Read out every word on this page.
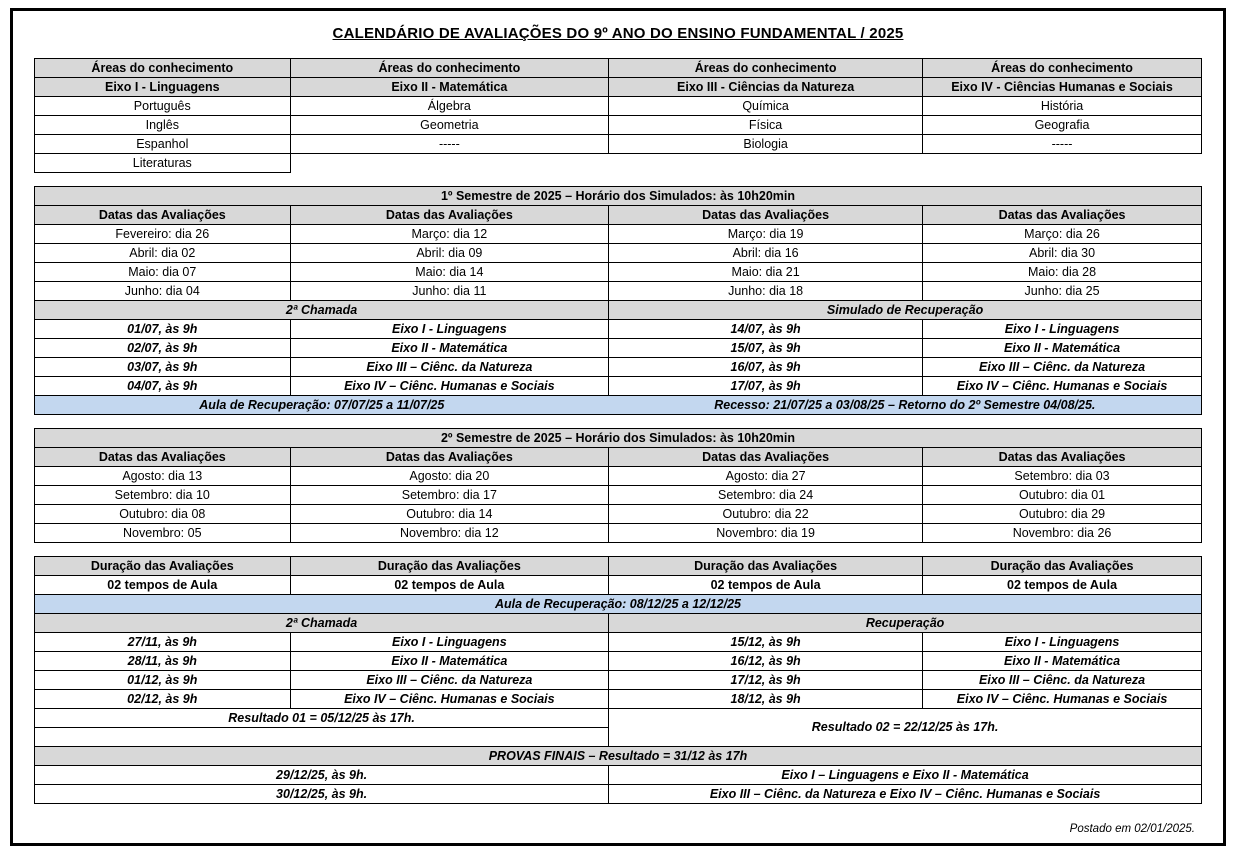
CALENDÁRIO DE AVALIAÇÕES DO 9º ANO DO ENSINO FUNDAMENTAL / 2025
Áreas do conhecimento	Áreas do conhecimento	Áreas do conhecimento	Áreas do conhecimento
Eixo I - Linguagens	Eixo II - Matemática	Eixo III - Ciências da Natureza	Eixo IV - Ciências Humanas e Sociais
Português	Álgebra	Química	História
Inglês	Geometria	Física	Geografia
Espanhol	-----	Biologia	-----
Literaturas			
1º Semestre de 2025 – Horário dos Simulados: às 10h20min			
Datas das Avaliações	Datas das Avaliações	Datas das Avaliações	Datas das Avaliações
Fevereiro: dia 26	Março: dia 12	Março: dia 19	Março: dia 26
Abril: dia 02	Abril: dia 09	Abril: dia 16	Abril: dia 30
Maio: dia 07	Maio: dia 14	Maio: dia 21	Maio: dia 28
Junho: dia 04	Junho: dia 11	Junho: dia 18	Junho: dia 25
2ª Chamada		Simulado de Recuperação	
01/07, às 9h	Eixo I - Linguagens	14/07, às 9h	Eixo I - Linguagens
02/07, às 9h	Eixo II - Matemática	15/07, às 9h	Eixo II - Matemática
03/07, às 9h	Eixo III – Ciênc. da Natureza	16/07, às 9h	Eixo III – Ciênc. da Natureza
04/07, às 9h	Eixo IV – Ciênc. Humanas e Sociais	17/07, às 9h	Eixo IV – Ciênc. Humanas e Sociais
Aula de Recuperação: 07/07/25 a 11/07/25		Recesso: 21/07/25 a 03/08/25 – Retorno do 2º Semestre 04/08/25.	
2º Semestre de 2025 – Horário dos Simulados: às 10h20min			
Datas das Avaliações	Datas das Avaliações	Datas das Avaliações	Datas das Avaliações
Agosto: dia 13	Agosto: dia 20	Agosto: dia 27	Setembro: dia 03
Setembro: dia 10	Setembro: dia 17	Setembro: dia 24	Outubro: dia 01
Outubro: dia 08	Outubro: dia 14	Outubro: dia 22	Outubro: dia 29
Novembro: 05	Novembro: dia 12	Novembro: dia 19	Novembro: dia 26
Duração das Avaliações	Duração das Avaliações	Duração das Avaliações	Duração das Avaliações
02 tempos de Aula	02 tempos de Aula	02 tempos de Aula	02 tempos de Aula
Aula de Recuperação: 08/12/25 a 12/12/25			
2ª Chamada		Recuperação	
27/11, às 9h	Eixo I - Linguagens	15/12, às 9h	Eixo I - Linguagens
28/11, às 9h	Eixo II - Matemática	16/12, às 9h	Eixo II - Matemática
01/12, às 9h	Eixo III – Ciênc. da Natureza	17/12, às 9h	Eixo III – Ciênc. da Natureza
02/12, às 9h	Eixo IV – Ciênc. Humanas e Sociais	18/12, às 9h	Eixo IV – Ciênc. Humanas e Sociais
Resultado 01 = 05/12/25 às 17h.		Resultado 02 = 22/12/25 às 17h.	

PROVAS FINAIS – Resultado = 31/12 às 17h			
29/12/25, às 9h.		Eixo I – Linguagens e Eixo II - Matemática	
30/12/25, às 9h.		Eixo III – Ciênc. da Natureza e Eixo IV – Ciênc. Humanas e Sociais	
Postado em 02/01/2025.
